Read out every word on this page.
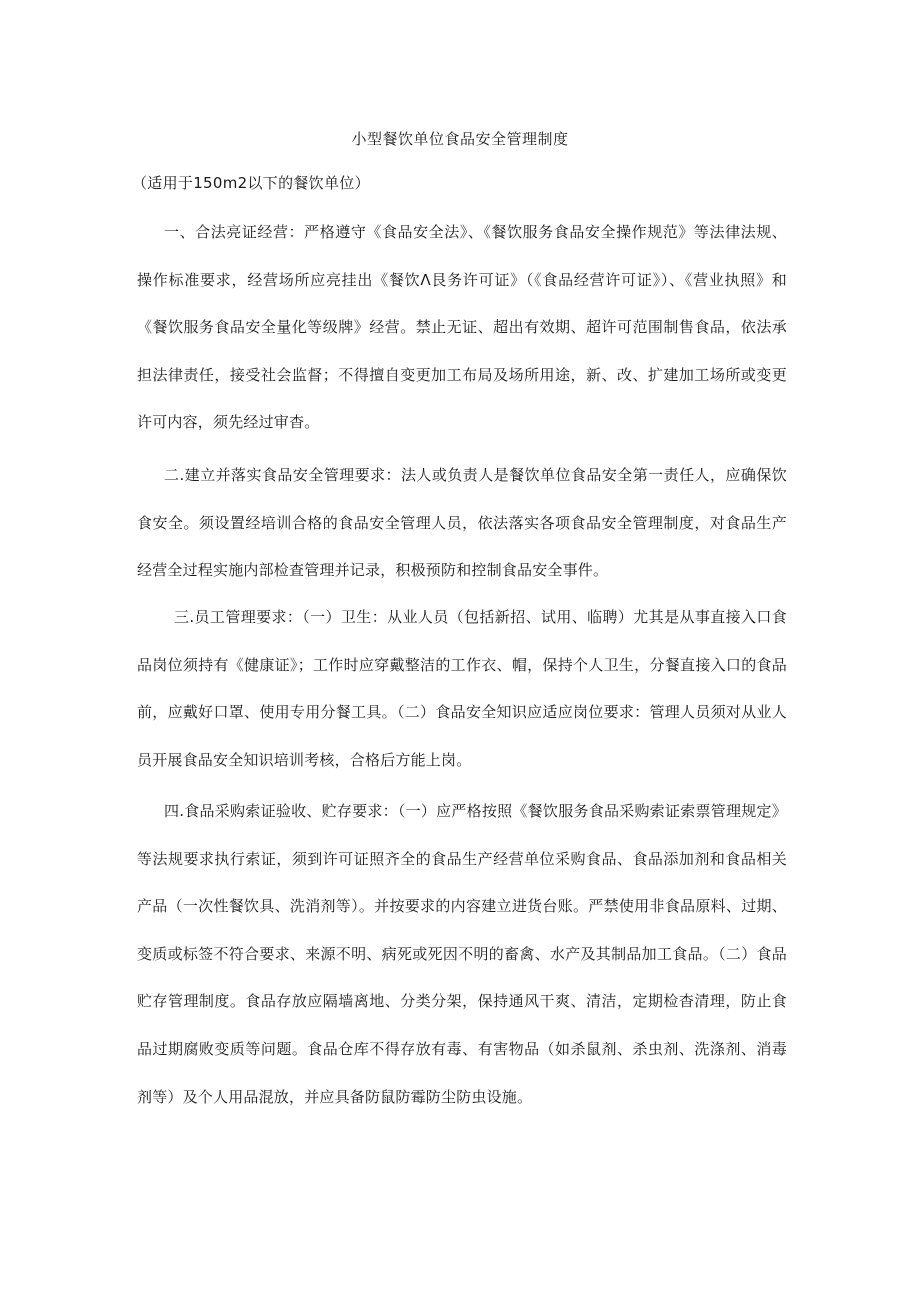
小型餐饮单位食品安全管理制度
（适用于150m2以下的餐饮单位）

一、合法亮证经营：严格遵守《食品安全法》、《餐饮服务食品安全操作规范》等法律法规、操作标准要求，经营场所应亮挂出《餐饮Λ艮务许可证》（《食品经营许可证》）、《营业执照》和《餐饮服务食品安全量化等级牌》经营。禁止无证、超出有效期、超许可范围制售食品，依法承担法律责任，接受社会监督；不得擅自变更加工布局及场所用途，新、改、扩建加工场所或变更许可内容，须先经过审杳。

二.建立并落实食品安全管理要求：法人或负责人是餐饮单位食品安全第一责任人，应确保饮食安全。须设置经培训合格的食品安全管理人员，依法落实各项食品安全管理制度，对食品生产经营全过程实施内部检查管理并记录，积极预防和控制食品安全事件。

三.员工管理要求：（一）卫生：从业人员（包括新招、试用、临聘）尤其是从事直接入口食品岗位须持有《健康证》；工作时应穿戴整洁的工作衣、帽，保持个人卫生，分餐直接入口的食品前，应戴好口罩、使用专用分餐工具。（二）食品安全知识应适应岗位要求：管理人员须对从业人员开展食品安全知识培训考核，合格后方能上岗。

四.食品采购索证验收、贮存要求：（一）应严格按照《餐饮服务食品采购索证索票管理规定》等法规要求执行索证，须到许可证照齐全的食品生产经营单位采购食品、食品添加剂和食品相关产品（一次性餐饮具、洗消剂等）。并按要求的内容建立进货台账。严禁使用非食品原料、过期、变质或标签不符合要求、来源不明、病死或死因不明的畜禽、水产及其制品加工食品。（二）食品贮存管理制度。食品存放应隔墙离地、分类分架，保持通风干爽、清洁，定期检杳清理，防止食品过期腐败变质等问题。食品仓库不得存放有毒、有害物品（如杀鼠剂、杀虫剂、洗涤剂、消毒剂等）及个人用品混放，并应具备防鼠防霉防尘防虫设施。
